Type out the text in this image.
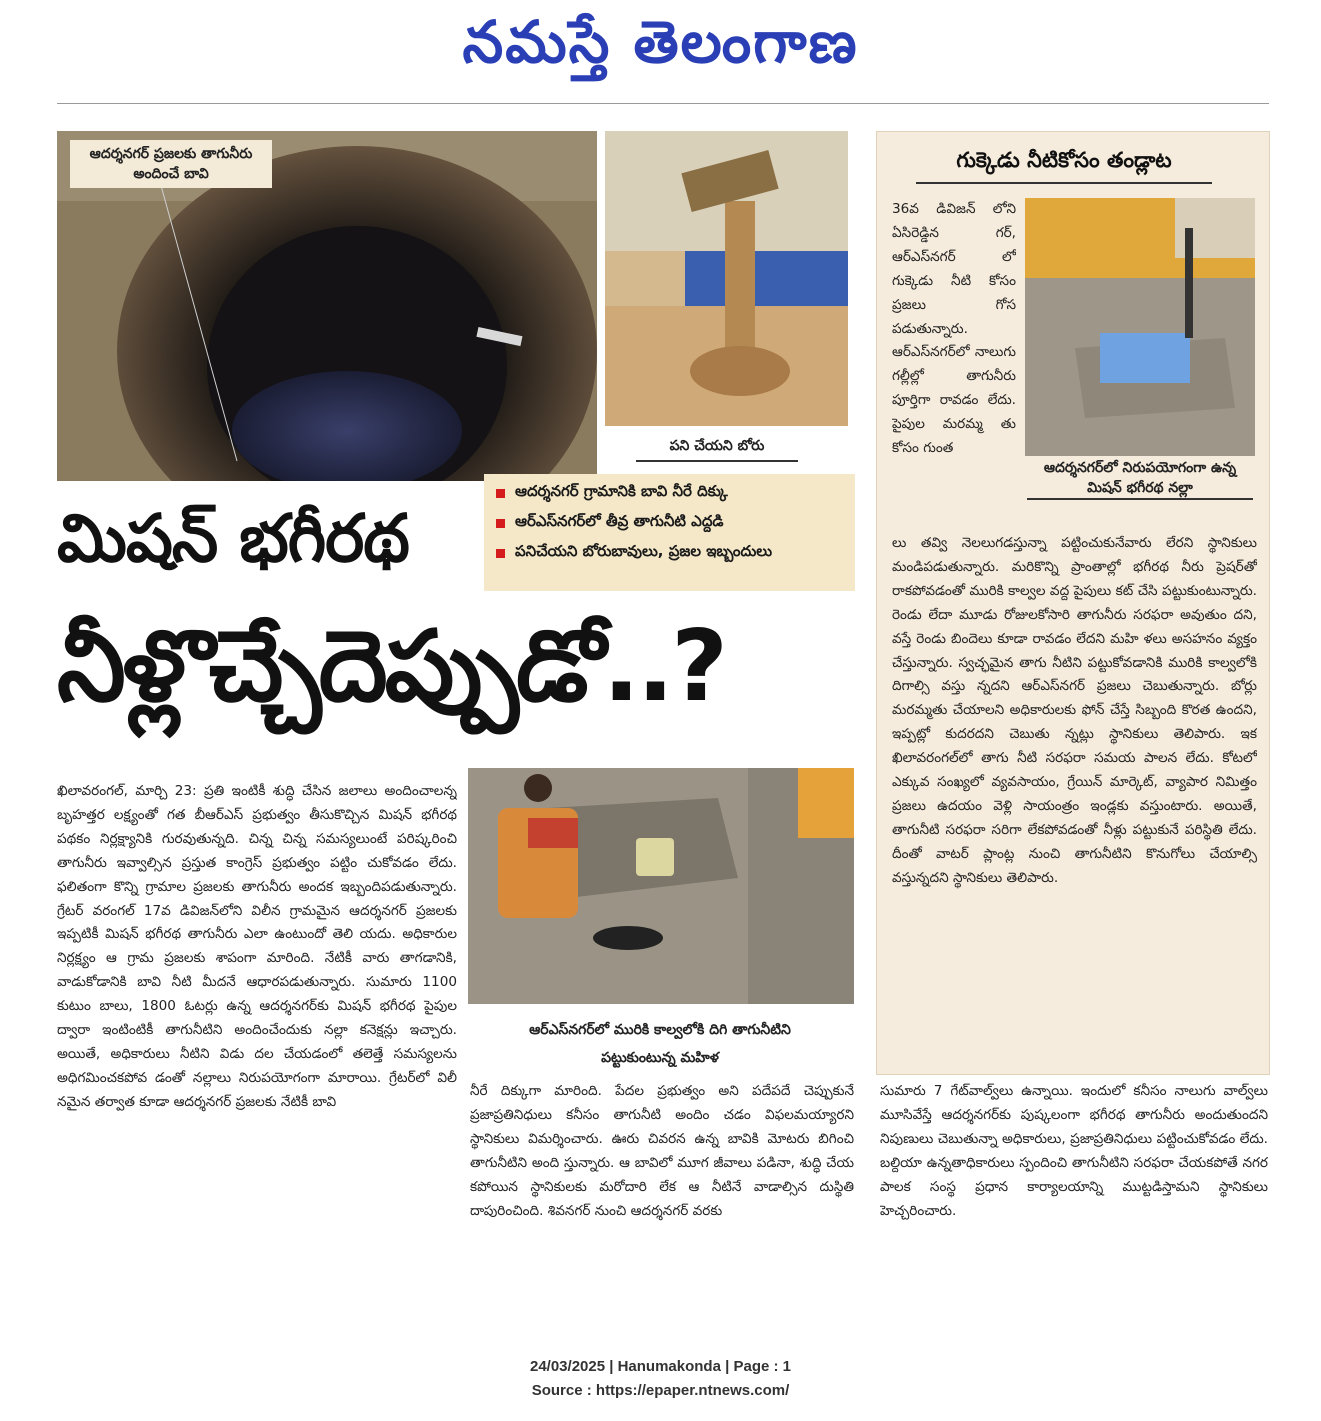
నమస్తే తెలంగాణ
ఆదర్శనగర్ ప్రజలకు తాగునీరు అందించే బావి
పని చేయని బోరు
ఆదర్శనగర్ గ్రామానికి బావి నీరే దిక్కు
ఆర్‌ఎస్‌నగర్‌లో తీవ్ర తాగునీటి ఎద్దడి
పనిచేయని బోరుబావులు, ప్రజల ఇబ్బందులు
మిషన్ భగీరథ
నీళ్లొచ్చేదెప్పుడో..?
గుక్కెడు నీటికోసం తండ్లాట
ఆదర్శనగర్‌లో నిరుపయోగంగా ఉన్న మిషన్ భగీరథ నల్లా
36వ డివిజన్ లోని ఏసిరెడ్డిన గర్, ఆర్‌ఎస్‌నగర్ లో గుక్కెడు నీటి కోసం ప్రజలు గోస పడుతున్నారు. ఆర్‌ఎస్‌నగర్‌లో నాలుగు గల్లీల్లో తాగునీరు పూర్తిగా రావడం లేదు. పైపుల మరమ్మ తు కోసం గుంత
లు తవ్వి నెలలుగడస్తున్నా పట్టించుకునేవారు లేరని స్థానికులు మండిపడుతున్నారు. మరికొన్ని ప్రాంతాల్లో భగీరథ నీరు ప్రెషర్‌తో రాకపోవడంతో మురికి కాల్వల వద్ద పైపులు కట్ చేసి పట్టుకుంటున్నారు. రెండు లేదా మూడు రోజులకోసారి తాగునీరు సరఫరా అవుతుం దని, వస్తే రెండు బిందెలు కూడా రావడం లేదని మహి ళలు అసహనం వ్యక్తం చేస్తున్నారు. స్వచ్ఛమైన తాగు నీటిని పట్టుకోవడానికి మురికి కాల్వలోకి దిగాల్సి వస్తు న్నదని ఆర్‌ఎస్‌నగర్ ప్రజలు చెబుతున్నారు. బోర్లు మరమ్మతు చేయాలని అధికారులకు ఫోన్ చేస్తే సిబ్బంది కొరత ఉందని, ఇప్పట్లో కుదరదని చెబుతు న్నట్లు స్థానికులు తెలిపారు. ఇక ఖిలావరంగల్‌లో తాగు నీటి సరఫరా సమయ పాలన లేదు. కోటలో ఎక్కువ సంఖ్యలో వ్యవసాయం, గ్రేయిన్ మార్కెట్, వ్యాపార నిమిత్తం ప్రజలు ఉదయం వెళ్లి సాయంత్రం ఇండ్లకు వస్తుంటారు. అయితే, తాగునీటి సరఫరా సరిగా లేకపోవడంతో నీళ్లు పట్టుకునే పరిస్థితి లేదు. దీంతో వాటర్ ప్లాంట్ల నుంచి తాగునీటిని కొనుగోలు చేయాల్సి వస్తున్నదని స్థానికులు తెలిపారు.
ఆర్‌ఎస్‌నగర్‌లో మురికి కాల్వలోకి దిగి తాగునీటిని పట్టుకుంటున్న మహిళ
ఖిలావరంగల్, మార్చి 23: ప్రతి ఇంటికీ శుద్ధి చేసిన జలాలు అందించాలన్న బృహత్తర లక్ష్యంతో గత బీఆర్‌ఎస్ ప్రభుత్వం తీసుకొచ్చిన మిషన్ భగీరథ పథకం నిర్లక్ష్యానికి గురవుతున్నది. చిన్న చిన్న సమస్యలుంటే పరిష్కరించి తాగునీరు ఇవ్వాల్సిన ప్రస్తుత కాంగ్రెస్ ప్రభుత్వం పట్టిం చుకోవడం లేదు. ఫలితంగా కొన్ని గ్రామాల ప్రజలకు తాగునీరు అందక ఇబ్బందిపడుతున్నారు. గ్రేటర్ వరంగల్ 17వ డివిజన్‌లోని విలీన గ్రామమైన ఆదర్శనగర్ ప్రజలకు ఇప్పటికీ మిషన్ భగీరథ తాగునీరు ఎలా ఉంటుందో తెలి యదు. అధికారుల నిర్లక్ష్యం ఆ గ్రామ ప్రజలకు శాపంగా మారింది. నేటికీ వారు తాగడానికి, వాడుకోడానికి బావి నీటి మీదనే ఆధారపడుతున్నారు. సుమారు 1100 కుటుం బాలు, 1800 ఓటర్లు ఉన్న ఆదర్శనగర్‌కు మిషన్ భగీరథ పైపుల ద్వారా ఇంటింటికీ తాగునీటిని అందించేందుకు నల్లా కనెక్షన్లు ఇచ్చారు. అయితే, అధికారులు నీటిని విడు దల చేయడంలో తలెత్తే సమస్యలను అధిగమించకపోవ డంతో నల్లాలు నిరుపయోగంగా మారాయి. గ్రేటర్‌లో విలీ నమైన తర్వాత కూడా ఆదర్శనగర్ ప్రజలకు నేటికీ బావి
నీరే దిక్కుగా మారింది. పేదల ప్రభుత్వం అని పదేపదే చెప్పుకునే ప్రజాప్రతినిధులు కనీసం తాగునీటి అందిం చడం విఫలమయ్యారని స్థానికులు విమర్శించారు. ఊరు చివరన ఉన్న బావికి మోటరు బిగించి తాగునీటిని అంది స్తున్నారు. ఆ బావిలో మూగ జీవాలు పడినా, శుద్ధి చేయ కపోయిన స్థానికులకు మరోదారి లేక ఆ నీటినే వాడాల్సిన దుస్థితి దాపురించింది. శివనగర్ నుంచి ఆదర్శనగర్ వరకు
సుమారు 7 గేట్‌వాల్వ్‌లు ఉన్నాయి. ఇందులో కనీసం నాలుగు వాల్వ్‌లు మూసివేస్తే ఆదర్శనగర్‌కు పుష్కలంగా భగీరథ తాగునీరు అందుతుందని నిపుణులు చెబుతున్నా అధికారులు, ప్రజాప్రతినిధులు పట్టించుకోవడం లేదు. బల్దియా ఉన్నతాధికారులు స్పందించి తాగునీటిని సరఫరా చేయకపోతే నగర పాలక సంస్థ ప్రధాన కార్యాలయాన్ని ముట్టడిస్తామని స్థానికులు హెచ్చరించారు.
24/03/2025 | Hanumakonda | Page : 1
Source : https://epaper.ntnews.com/
